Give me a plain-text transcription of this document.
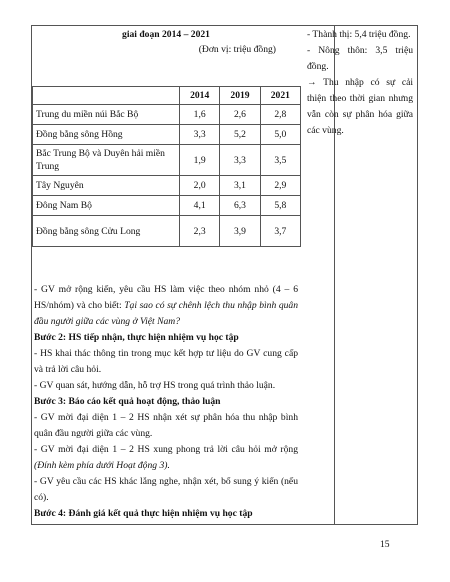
giai đoạn 2014 – 2021
(Đơn vị: triệu đồng)
	2014	2019	2021
Trung du miền núi Bắc Bộ	1,6	2,6	2,8
Đồng bằng sông Hồng	3,3	5,2	5,0
Bắc Trung Bộ và Duyên hải miền Trung	1,9	3,3	3,5
Tây Nguyên	2,0	3,1	2,9
Đông Nam Bộ	4,1	6,3	5,8
Đồng bằng sông Cửu Long	2,3	3,9	3,7

- GV mở rộng kiến, yêu cầu HS làm việc theo nhóm nhỏ (4 – 6 HS/nhóm) và cho biết: Tại sao có sự chênh lệch thu nhập bình quân đầu người giữa các vùng ở Việt Nam?

Bước 2: HS tiếp nhận, thực hiện nhiệm vụ học tập

- HS khai thác thông tin trong mục kết hợp tư liệu do GV cung cấp và trả lời câu hỏi.

- GV quan sát, hướng dẫn, hỗ trợ HS trong quá trình thảo luận.

Bước 3: Báo cáo kết quả hoạt động, thảo luận

- GV mời đại diện 1 – 2 HS nhận xét sự phân hóa thu nhập bình quân đầu người giữa các vùng.

- GV mời đại diện 1 – 2 HS xung phong trả lời câu hỏi mở rộng (Đính kèm phía dưới Hoạt động 3).

- GV yêu cầu các HS khác lắng nghe, nhận xét, bổ sung ý kiến (nếu có).

Bước 4: Đánh giá kết quả thực hiện nhiệm vụ học tập

- Thành thị: 5,4 triệu đồng.
- Nông thôn: 3,5 triệu đồng.
→ Thu nhập có sự cải thiện theo thời gian nhưng vẫn còn sự phân hóa giữa các vùng.
15
